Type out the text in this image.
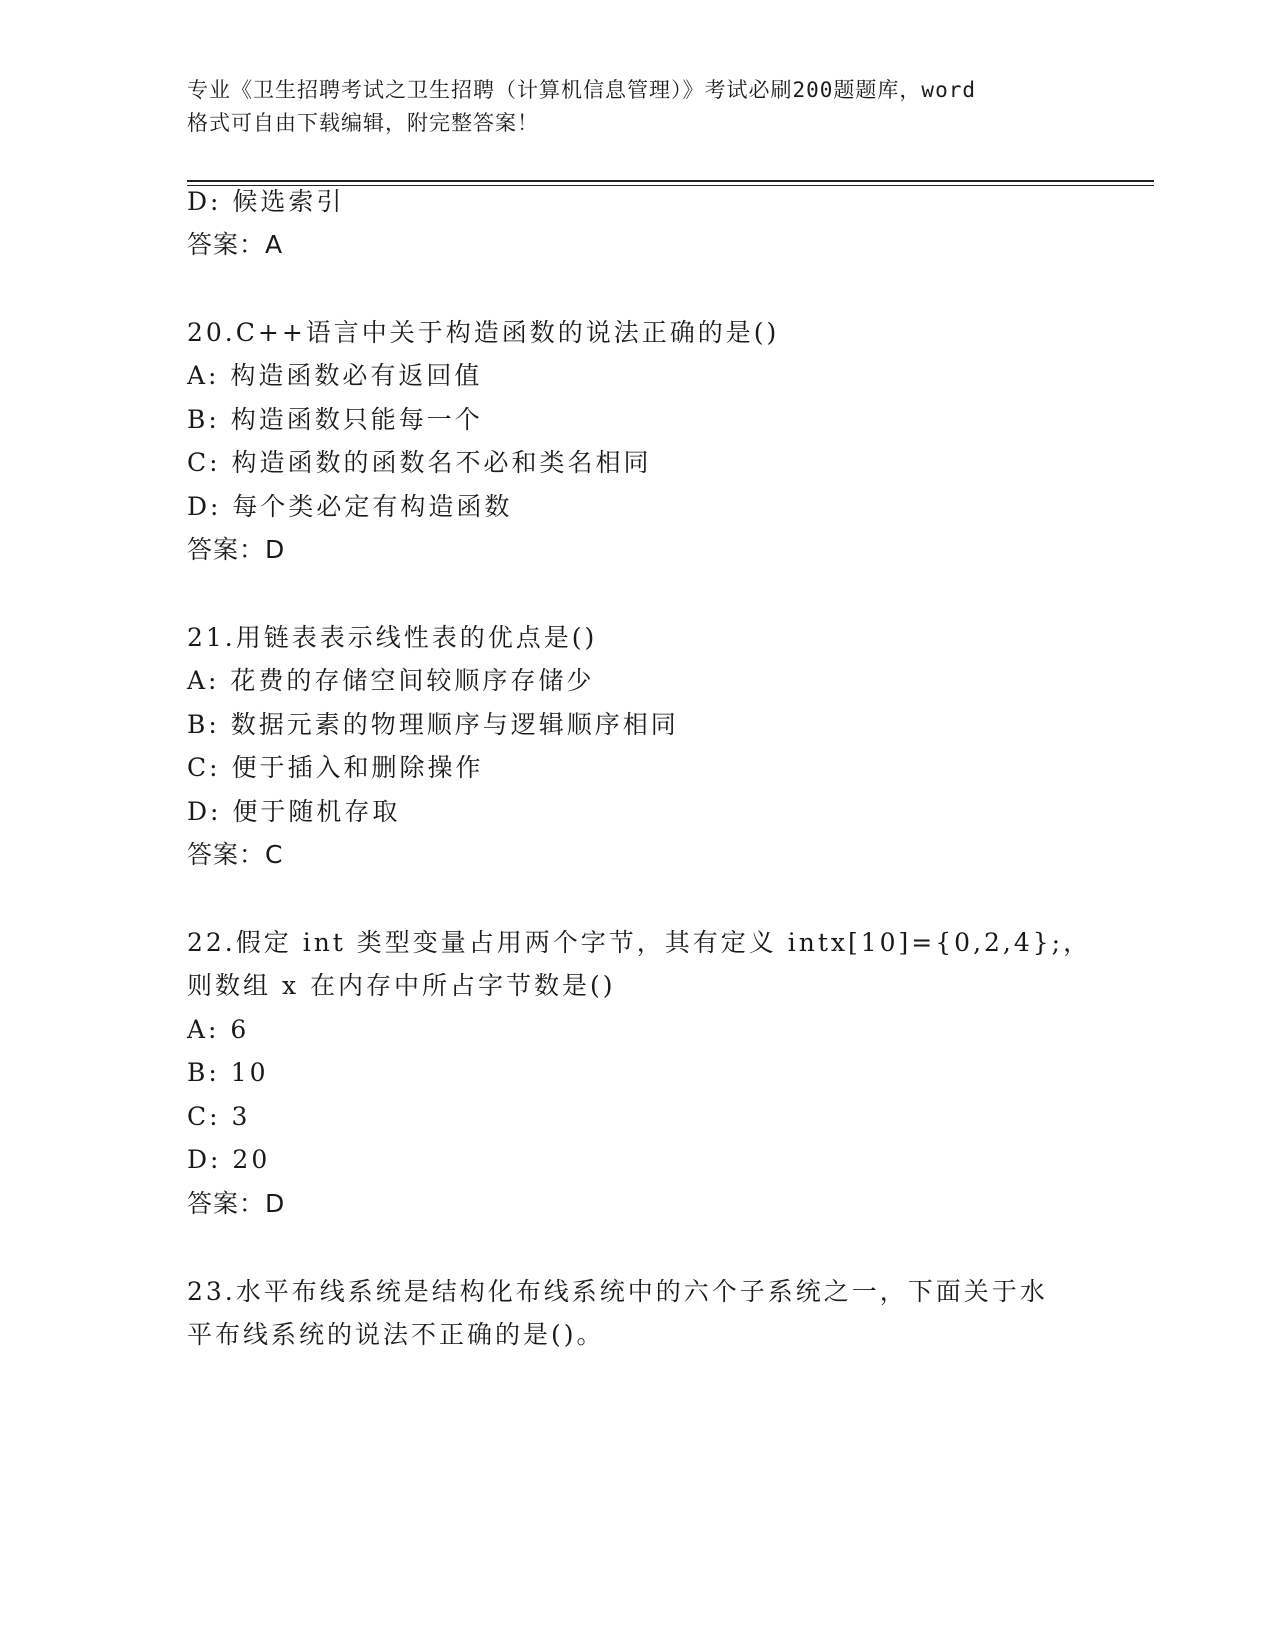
专业《卫生招聘考试之卫生招聘（计算机信息管理）》考试必刷200题题库，word
格式可自由下载编辑，附完整答案！
D: 候选索引
答案：A
20.C++语言中关于构造函数的说法正确的是()
A: 构造函数必有返回值
B: 构造函数只能每一个
C: 构造函数的函数名不必和类名相同
D: 每个类必定有构造函数
答案：D
21.用链表表示线性表的优点是()
A: 花费的存储空间较顺序存储少
B: 数据元素的物理顺序与逻辑顺序相同
C: 便于插入和删除操作
D: 便于随机存取
答案：C
22.假定 int 类型变量占用两个字节，其有定义 intx[10]={0,2,4};，
则数组 x 在内存中所占字节数是()
A: 6
B: 10
C: 3
D: 20
答案：D
23.水平布线系统是结构化布线系统中的六个子系统之一，下面关于水
平布线系统的说法不正确的是()。
